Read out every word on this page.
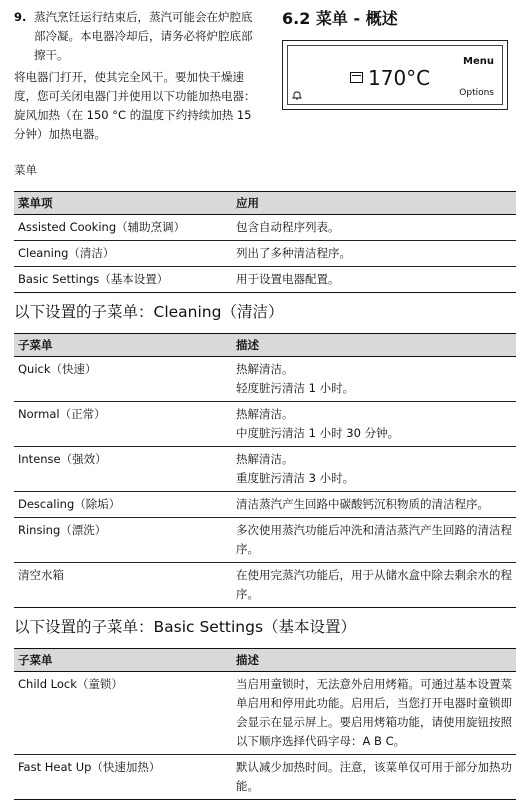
9. 蒸汽烹饪运行结束后，蒸汽可能会在炉腔底部冷凝。本电器冷却后，请务必将炉腔底部擦干。
将电器门打开，使其完全风干。要加快干燥速度，您可关闭电器门并使用以下功能加热电器：旋风加热（在 150 °C 的温度下约持续加热 15 分钟）加热电器。
6.2 菜单 - 概述
Menu
170°C
Options
菜单
菜单项	应用
Assisted Cooking（辅助烹调）	包含自动程序列表。
Cleaning（清洁）	列出了多种清洁程序。
Basic Settings（基本设置）	用于设置电器配置。
以下设置的子菜单：Cleaning（清洁）
子菜单	描述
Quick（快速）	热解清洁。
轻度脏污清洁 1 小时。
Normal（正常）	热解清洁。
中度脏污清洁 1 小时 30 分钟。
Intense（强效）	热解清洁。
重度脏污清洁 3 小时。
Descaling（除垢）	清洁蒸汽产生回路中碳酸钙沉积物质的清洁程序。
Rinsing（漂洗）	多次使用蒸汽功能后冲洗和清洁蒸汽产生回路的清洁程序。
清空水箱	在使用完蒸汽功能后，用于从储水盒中除去剩余水的程序。
以下设置的子菜单：Basic Settings（基本设置）
子菜单	描述
Child Lock（童锁）	当启用童锁时，无法意外启用烤箱。可通过基本设置菜单启用和停用此功能。启用后，当您打开电器时童锁即会显示在显示屏上。要启用烤箱功能，请使用旋钮按照以下顺序选择代码字母：A B C。
Fast Heat Up（快速加热）	默认减少加热时间。注意，该菜单仅可用于部分加热功能。
